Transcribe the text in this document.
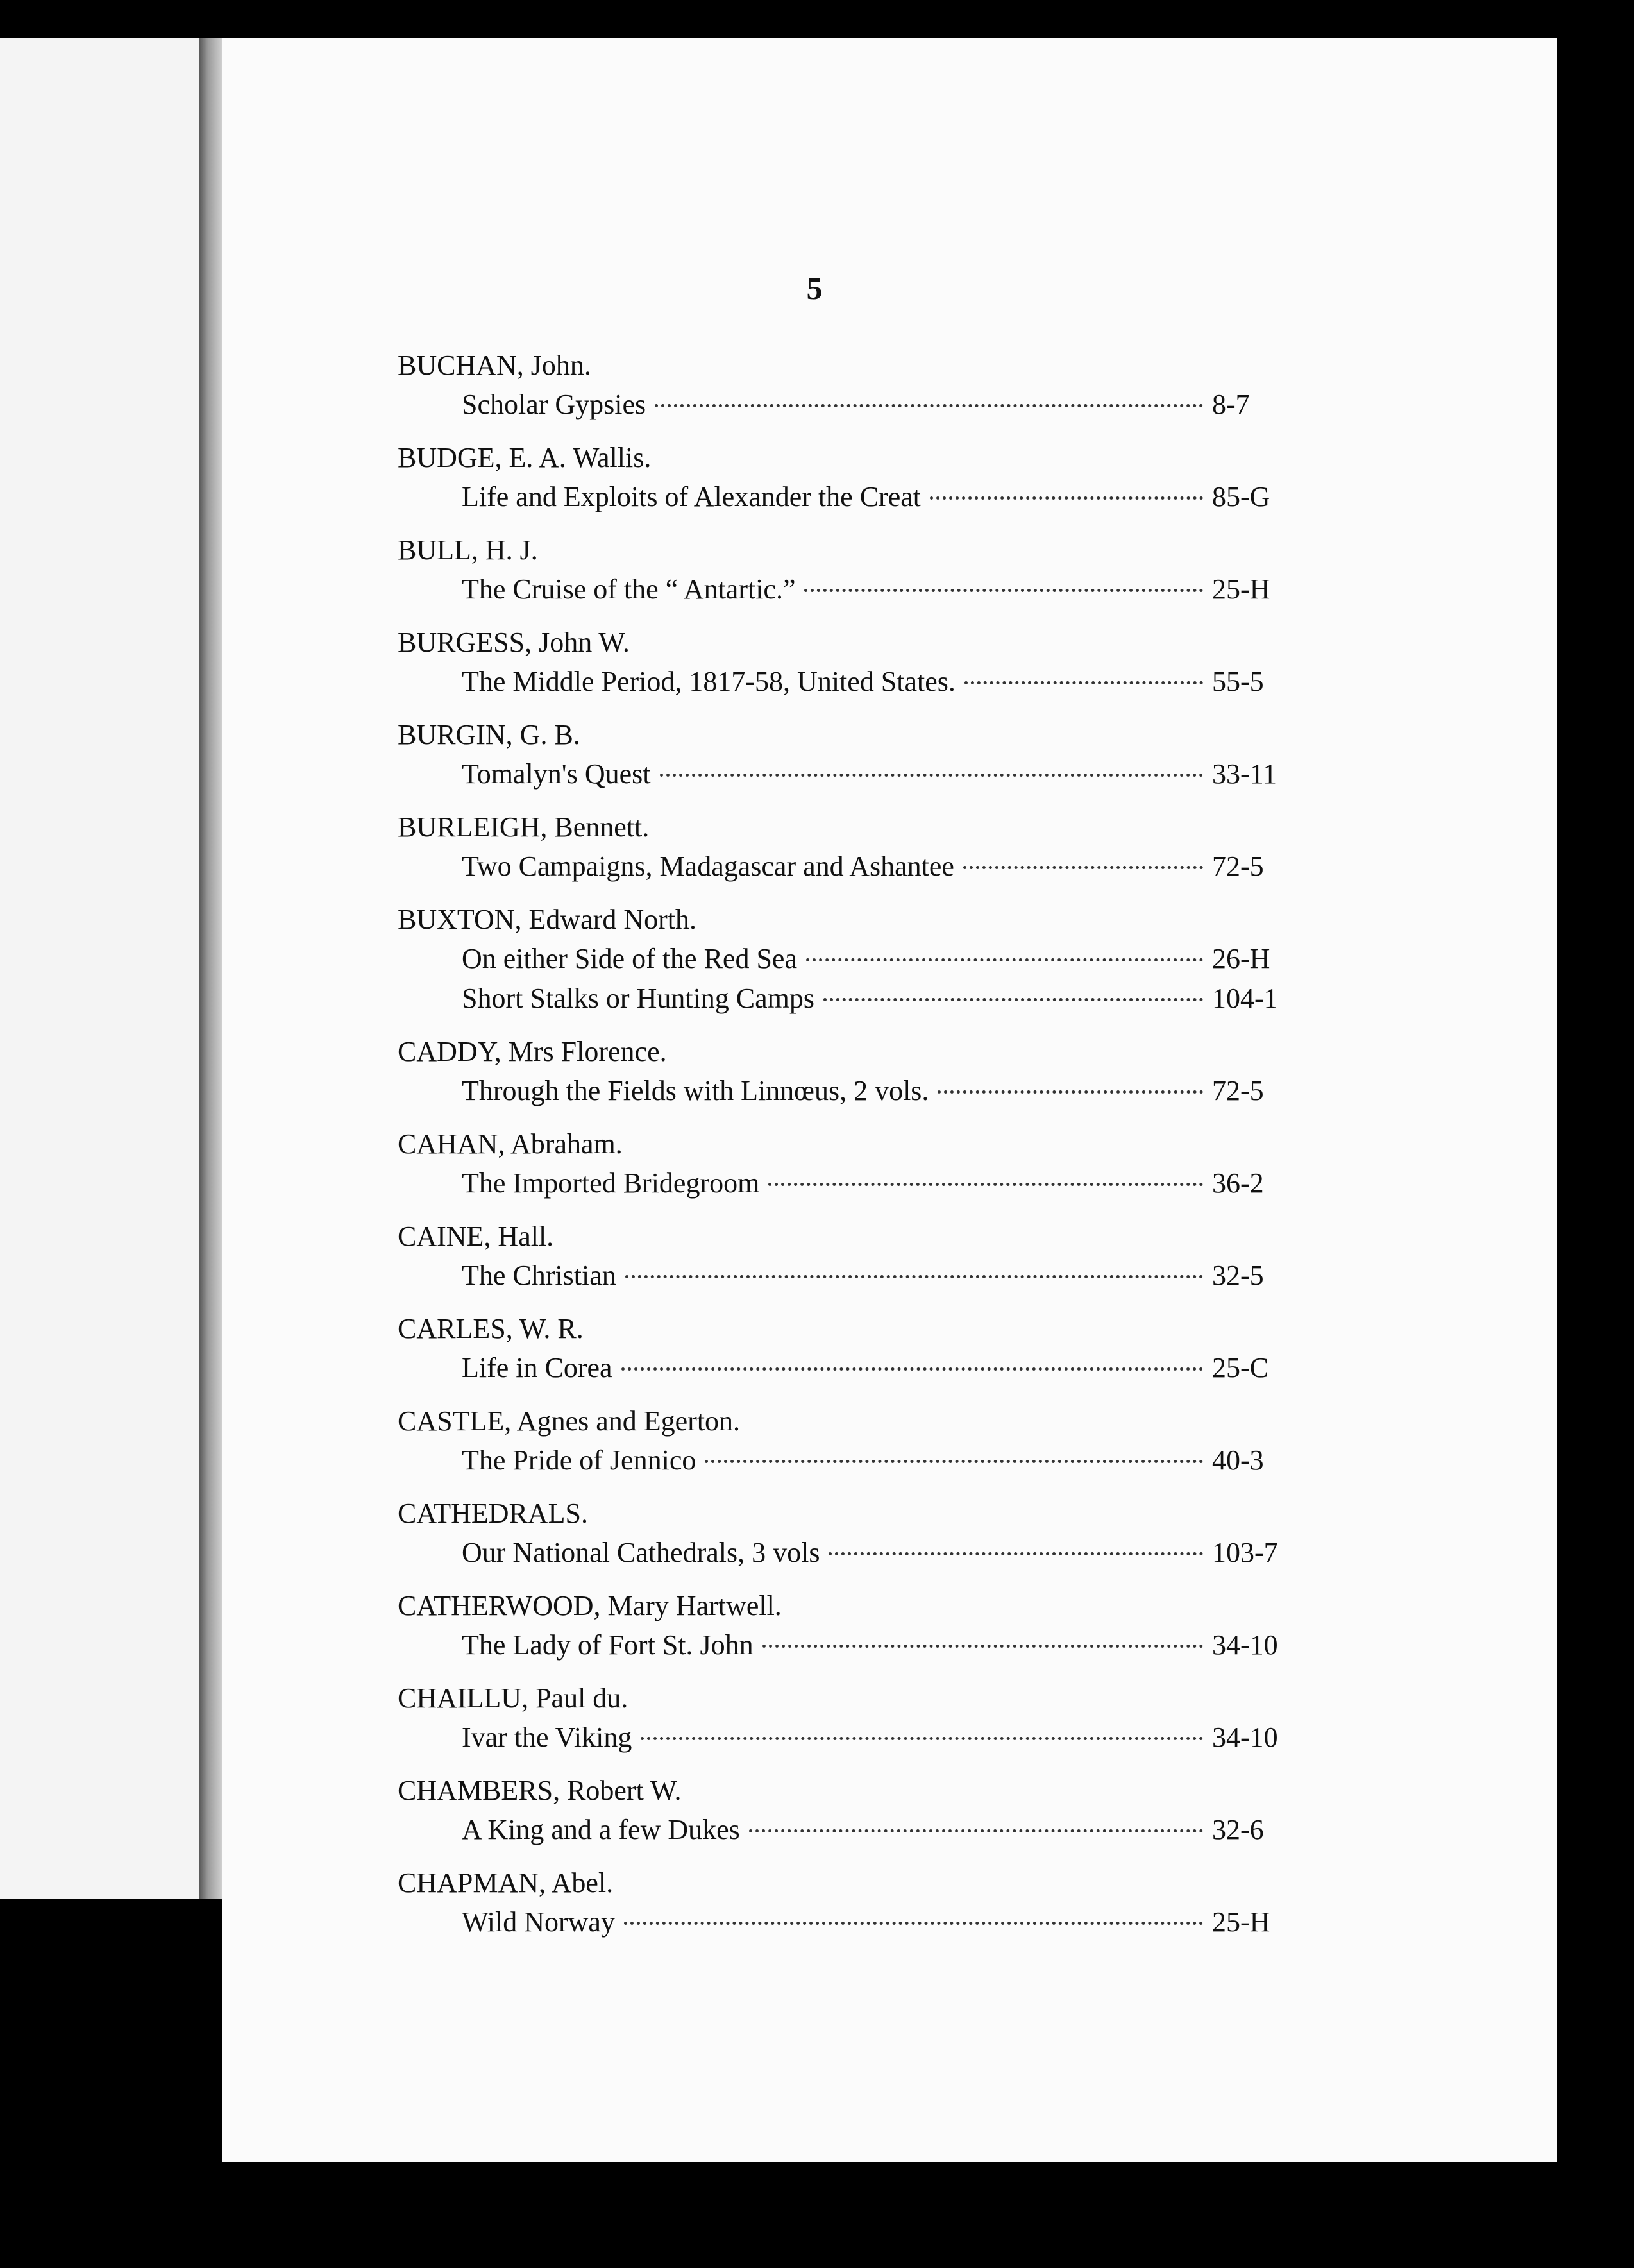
5
BUCHAN, John.
Scholar Gypsies	8-7
BUDGE, E. A. Wallis.
Life and Exploits of Alexander the Creat	85-G
BULL, H. J.
The Cruise of the “ Antartic.”	25-H
BURGESS, John W.
The Middle Period, 1817-58, United States.	55-5
BURGIN, G. B.
Tomalyn's Quest	33-11
BURLEIGH, Bennett.
Two Campaigns, Madagascar and Ashantee	72-5
BUXTON, Edward North.
On either Side of the Red Sea	26-H
Short Stalks or Hunting Camps	104-1
CADDY, Mrs Florence.
Through the Fields with Linnœus, 2 vols.	72-5
CAHAN, Abraham.
The Imported Bridegroom	36-2
CAINE, Hall.
The Christian	32-5
CARLES, W. R.
Life in Corea	25-C
CASTLE, Agnes and Egerton.
The Pride of Jennico	40-3
CATHEDRALS.
Our National Cathedrals, 3 vols	103-7
CATHERWOOD, Mary Hartwell.
The Lady of Fort St. John	34-10
CHAILLU, Paul du.
Ivar the Viking	34-10
CHAMBERS, Robert W.
A King and a few Dukes	32-6
CHAPMAN, Abel.
Wild Norway	25-H
